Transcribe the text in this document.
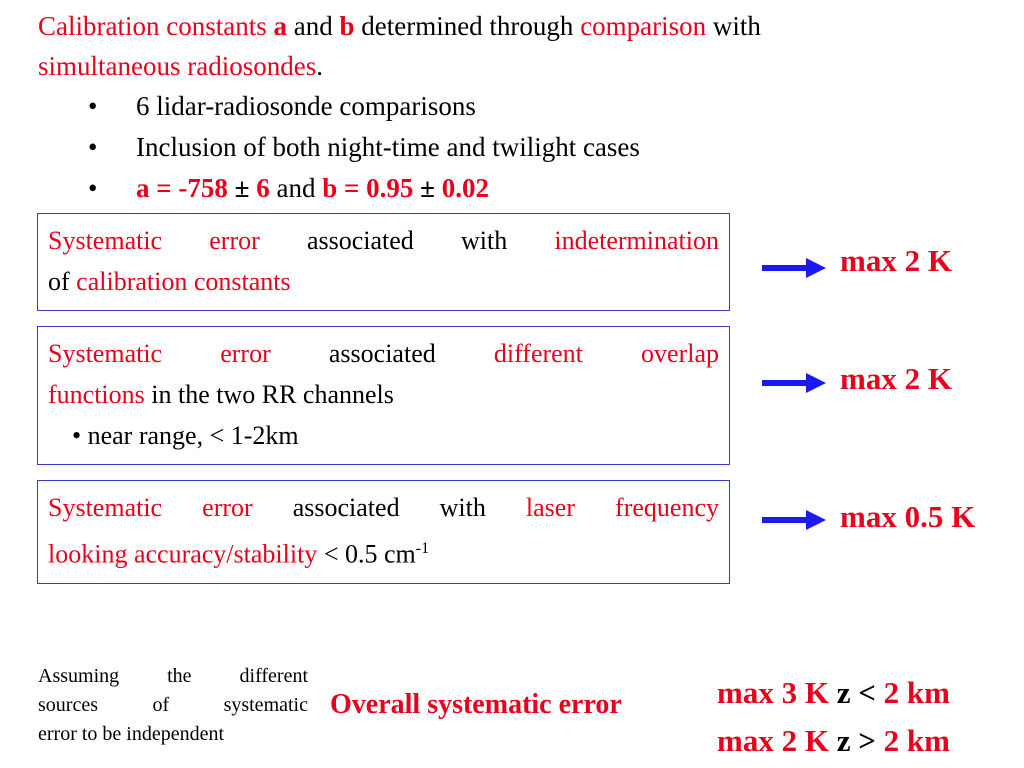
Calibration constants a and b determined through comparison with
simultaneous radiosondes.
•	6 lidar-radiosonde comparisons
•	Inclusion of both night-time and twilight cases
•	a = -758 ± 6 and b = 0.95 ± 0.02
Systematic error associated with indetermination
of calibration constants
max 2 K
Systematic error associated different overlap
functions in the two RR channels
• near range, < 1-2km
max 2 K
Systematic error associated with laser frequency
looking accuracy/stability < 0.5 $cm^{-1}$
max 0.5 K
Assuming the different
sources of systematic
error to be independent
Overall systematic error	max 3 K z < 2 km
max 2 K z > 2 km
